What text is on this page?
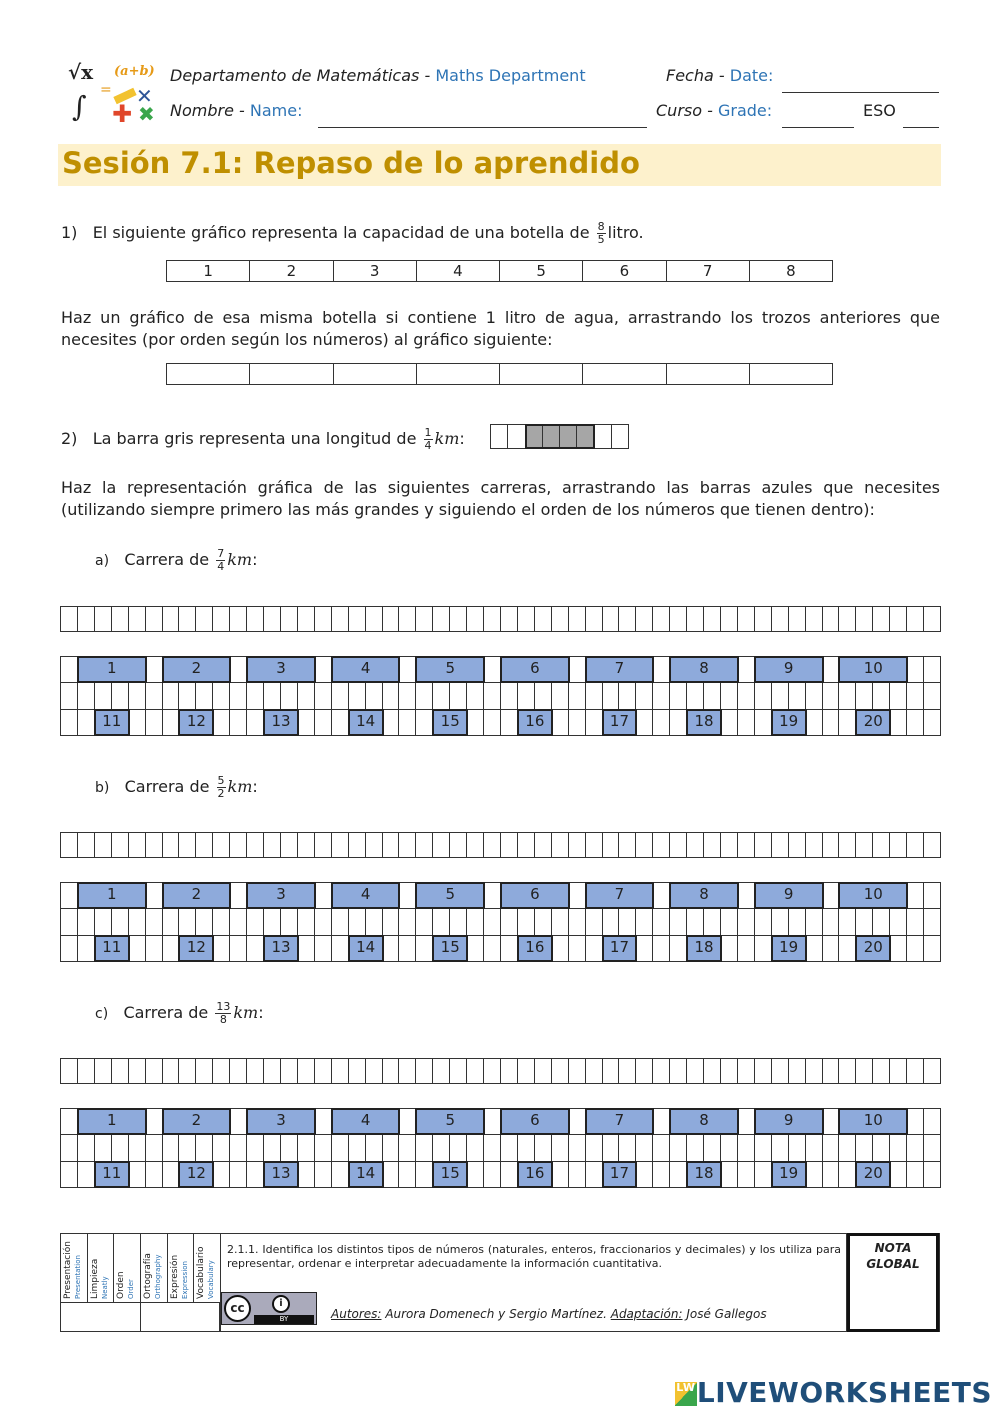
√x (a+b)
=
∫ ✕
✚ ✖
Departamento de Matemáticas - Maths Department	Fecha - Date:
Nombre - Name:	Curso - Grade:	ESO
Sesión 7.1: Repaso de lo aprendido
1) El siguiente gráfico representa la capacidad de una botella de $\frac{8}{5}$ litro.
1	2	3	4	5	6	7	8
Haz un gráfico de esa misma botella si contiene 1 litro de agua, arrastrando los trozos anteriores que necesites (por orden según los números) al gráfico siguiente:

2) La barra gris representa una longitud de $\frac{1}{4}$ km:
Haz la representación gráfica de las siguientes carreras, arrastrando las barras azules que necesites (utilizando siempre primero las más grandes y siguiendo el orden de los números que tienen dentro):
a) Carrera de $\frac{7}{4}$ km:
b) Carrera de $\frac{5}{2}$ km:
c) Carrera de $\frac{13}{8}$ km:
1	2	3	4	5	6	7	8	9	10
11	12	13	14	15	16	17	18	19	20
1	2	3	4	5	6	7	8	9	10
11	12	13	14	15	16	17	18	19	20
1	2	3	4	5	6	7	8	9	10
11	12	13	14	15	16	17	18	19	20
2.1.1. Identifica los distintos tipos de números (naturales, enteros, fraccionarios y decimales) y los utiliza para representar, ordenar e interpretar adecuadamente la información cuantitativa.
cc	i
BY	Autores: Aurora Domenech y Sergio Martínez. Adaptación: José Gallegos
NOTA GLOBAL
Presentación
Presentation Limpieza
Neatly Orden
Order Ortografía
Orthography Expresión
Expression Vocabulario
Vocabulary
LWLIVEWORKSHEETS
